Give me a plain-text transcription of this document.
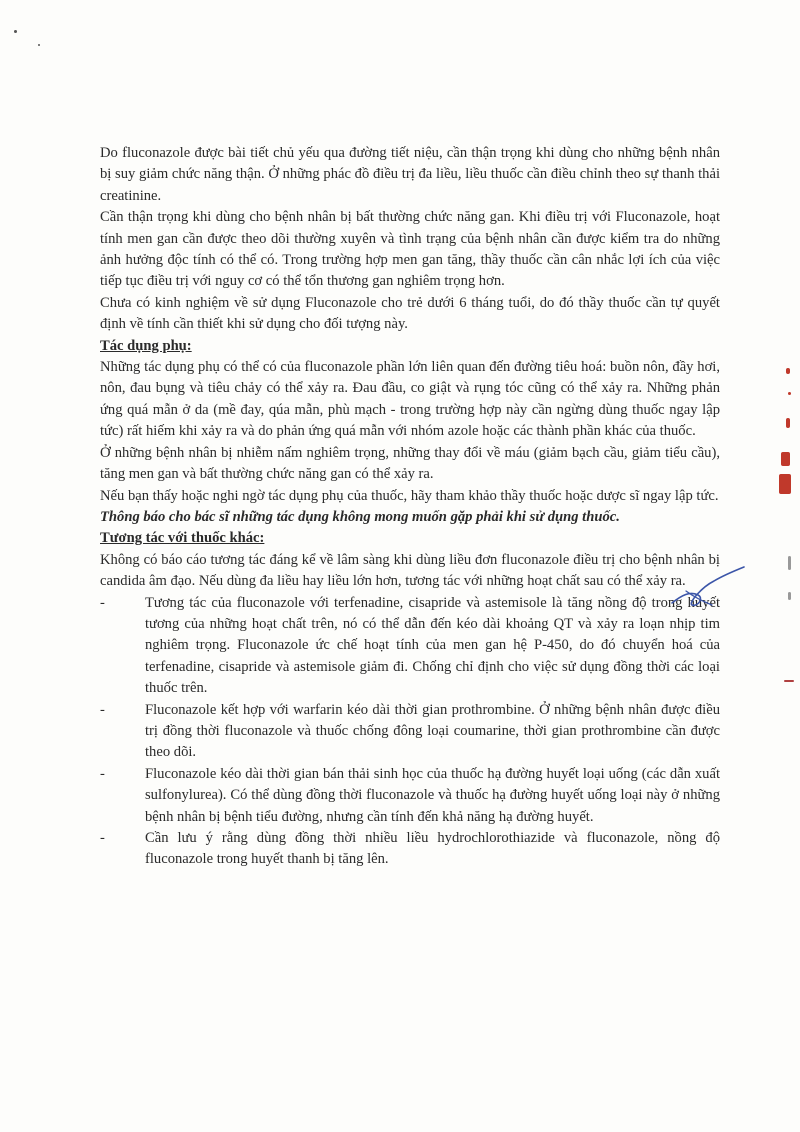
Do fluconazole được bài tiết chủ yếu qua đường tiết niệu, cần thận trọng khi dùng cho những bệnh nhân bị suy giảm chức năng thận. Ở những phác đồ điều trị đa liều, liều thuốc cần điều chỉnh theo sự thanh thải creatinine.

Cần thận trọng khi dùng cho bệnh nhân bị bất thường chức năng gan. Khi điều trị với Fluconazole, hoạt tính men gan cần được theo dõi thường xuyên và tình trạng của bệnh nhân cần được kiểm tra do những ảnh hưởng độc tính có thể có. Trong trường hợp men gan tăng, thầy thuốc cần cân nhắc lợi ích của việc tiếp tục điều trị với nguy cơ có thể tổn thương gan nghiêm trọng hơn.

Chưa có kinh nghiệm về sử dụng Fluconazole cho trẻ dưới 6 tháng tuổi, do đó thầy thuốc cần tự quyết định về tính cần thiết khi sử dụng cho đối tượng này.

Tác dụng phụ:

Những tác dụng phụ có thể có của fluconazole phần lớn liên quan đến đường tiêu hoá: buồn nôn, đầy hơi, nôn, đau bụng và tiêu chảy có thể xảy ra. Đau đầu, co giật và rụng tóc cũng có thể xảy ra. Những phản ứng quá mẫn ở da (mề đay, qúa mẫn, phù mạch - trong trường hợp này cần ngừng dùng thuốc ngay lập tức) rất hiếm khi xảy ra và do phản ứng quá mẫn với nhóm azole hoặc các thành phần khác của thuốc.

Ở những bệnh nhân bị nhiễm nấm nghiêm trọng, những thay đổi về máu (giảm bạch cầu, giảm tiểu cầu), tăng men gan và bất thường chức năng gan có thể xảy ra.

Nếu bạn thấy hoặc nghi ngờ tác dụng phụ của thuốc, hãy tham khảo thầy thuốc hoặc dược sĩ ngay lập tức.

Thông báo cho bác sĩ những tác dụng không mong muốn gặp phải khi sử dụng thuốc.

Tương tác với thuốc khác:

Không có báo cáo tương tác đáng kể về lâm sàng khi dùng liều đơn fluconazole điều trị cho bệnh nhân bị candida âm đạo. Nếu dùng đa liều hay liều lớn hơn, tương tác với những hoạt chất sau có thể xảy ra.

-	Tương tác của fluconazole với terfenadine, cisapride và astemisole là tăng nồng độ trong huyết tương của những hoạt chất trên, nó có thể dẫn đến kéo dài khoảng QT và xảy ra loạn nhịp tim nghiêm trọng. Fluconazole ức chế hoạt tính của men gan hệ P-450, do đó chuyển hoá của terfenadine, cisapride và astemisole giảm đi. Chống chỉ định cho việc sử dụng đồng thời các loại thuốc trên.
-	Fluconazole kết hợp với warfarin kéo dài thời gian prothrombine. Ở những bệnh nhân được điều trị đồng thời fluconazole và thuốc chống đông loại coumarine, thời gian prothrombine cần được theo dõi.
-	Fluconazole kéo dài thời gian bán thải sinh học của thuốc hạ đường huyết loại uống (các dẫn xuất sulfonylurea). Có thể dùng đồng thời fluconazole và thuốc hạ đường huyết uống loại này ở những bệnh nhân bị bệnh tiểu đường, nhưng cần tính đến khả năng hạ đường huyết.
-	Cần lưu ý rằng dùng đồng thời nhiều liều hydrochlorothiazide và fluconazole, nồng độ fluconazole trong huyết thanh bị tăng lên.
